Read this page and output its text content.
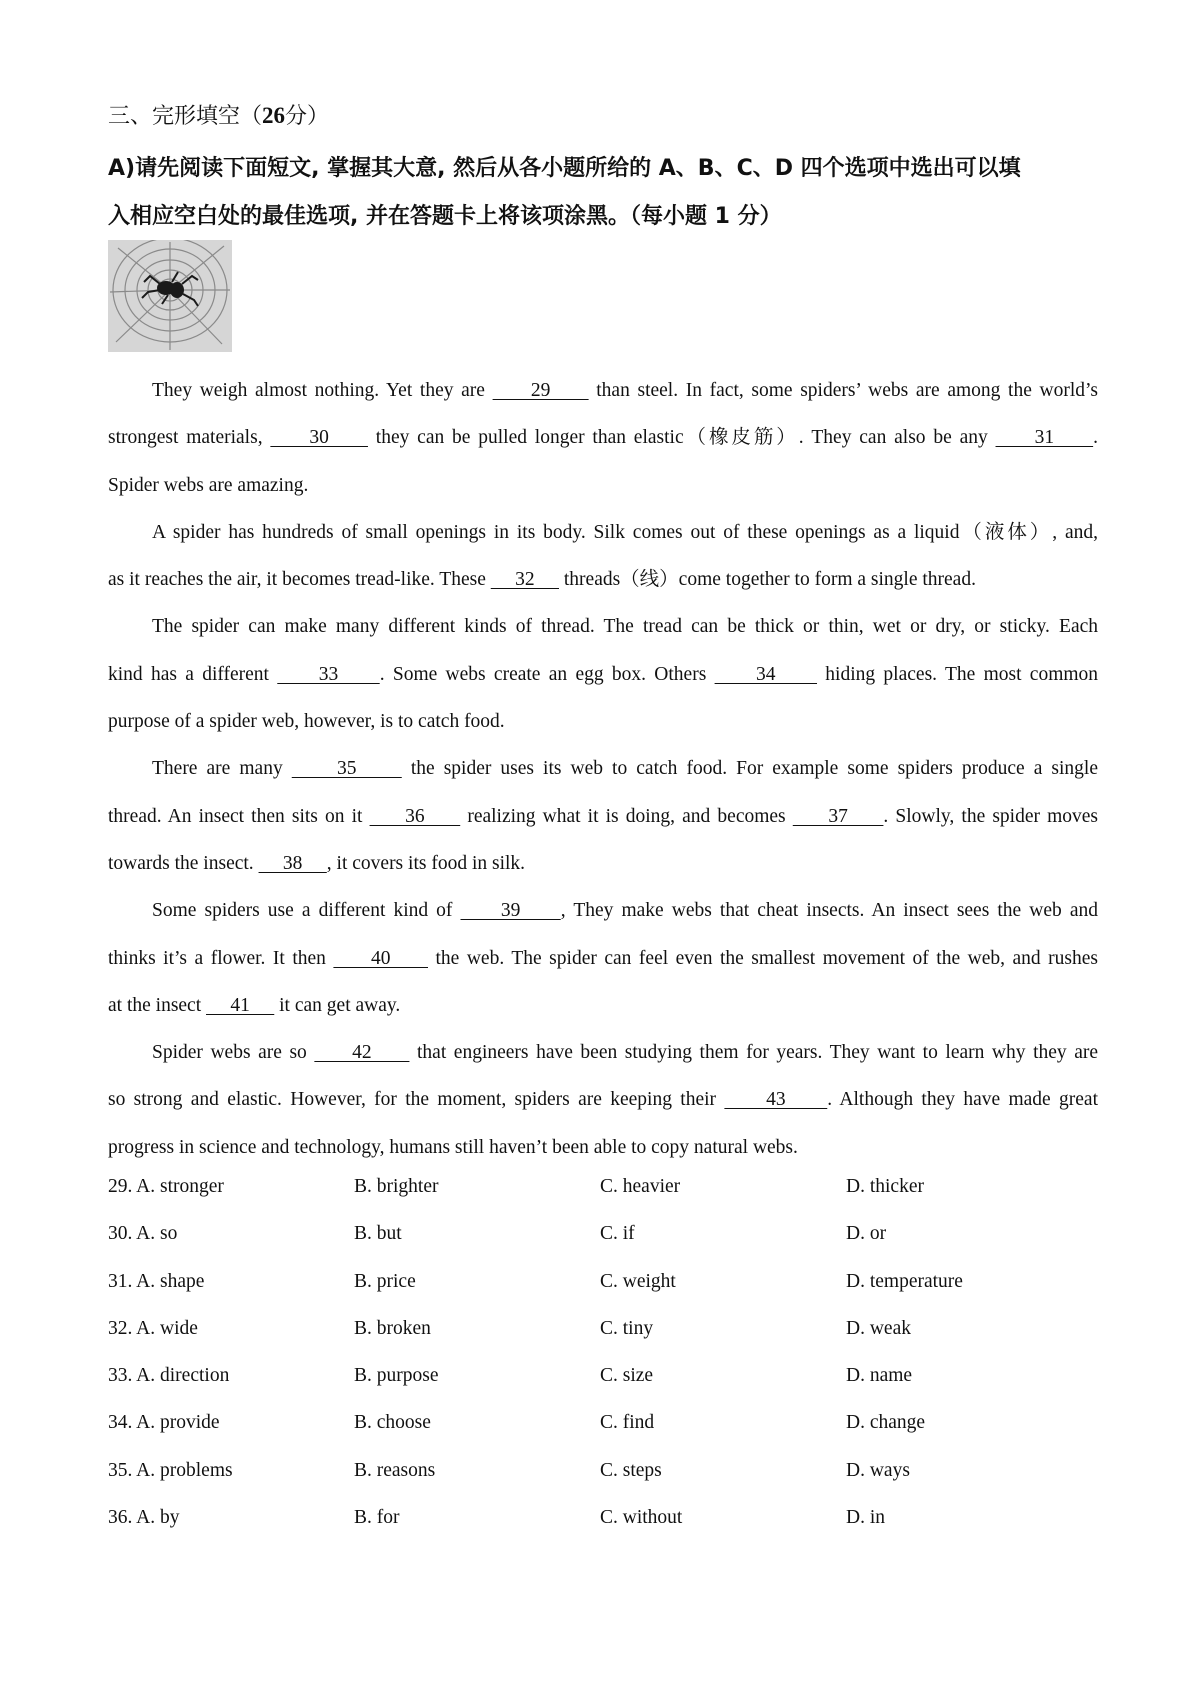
三、完形填空（26分）
A)请先阅读下面短文, 掌握其大意, 然后从各小题所给的 A、B、C、D 四个选项中选出可以填
入相应空白处的最佳选项, 并在答题卡上将该项涂黑。（每小题 1 分）
They weigh almost nothing. Yet they are      29      than steel. In fact, some spiders’ webs are among the world’s
strongest materials,      30      they can be pulled longer than elastic（橡皮筋）. They can also be any      31     .
Spider webs are amazing.
A spider has hundreds of small openings in its body. Silk comes out of these openings as a liquid（液体）, and,
as it reaches the air, it becomes tread-like. These      32      threads（线）come together to form a single thread.
The spider can make many different kinds of thread. The tread can be thick or thin, wet or dry, or sticky. Each
kind has a different      33     . Some webs create an egg box. Others      34      hiding places. The most common
purpose of a spider web, however, is to catch food.
There are many      35      the spider uses its web to catch food. For example some spiders produce a single
thread. An insect then sits on it      36      realizing what it is doing, and becomes      37     . Slowly, the spider moves
towards the insect.      38     , it covers its food in silk.
Some spiders use a different kind of      39     , They make webs that cheat insects. An insect sees the web and
thinks it’s a flower. It then      40      the web. The spider can feel even the smallest movement of the web, and rushes
at the insect      41      it can get away.
Spider webs are so      42      that engineers have been studying them for years. They want to learn why they are
so strong and elastic. However, for the moment, spiders are keeping their      43     . Although they have made great
progress in science and technology, humans still haven’t been able to copy natural webs.
29. A. stronger	B. brighter	C. heavier	D. thicker
30. A. so	B. but	C. if	D. or
31. A. shape	B. price	C. weight	D. temperature
32. A. wide	B. broken	C. tiny	D. weak
33. A. direction	B. purpose	C. size	D. name
34. A. provide	B. choose	C. find	D. change
35. A. problems	B. reasons	C. steps	D. ways
36. A. by	B. for	C. without	D. in
